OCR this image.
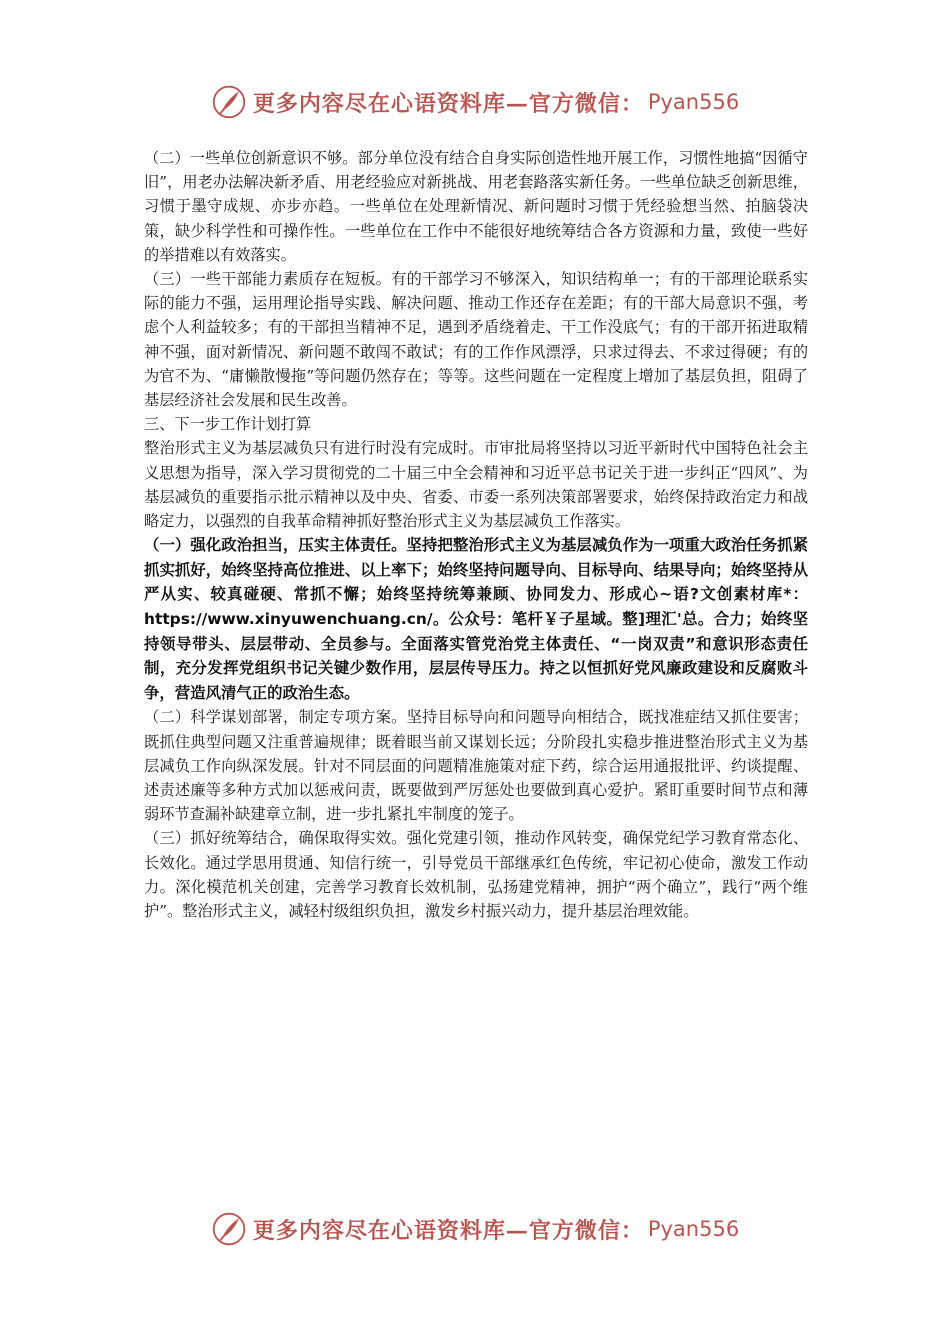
更多内容尽在心语资料库—官方微信： Pyan556

（二）一些单位创新意识不够。部分单位没有结合自身实际创造性地开展工作，习惯性地搞“因循守旧”，用老办法解决新矛盾、用老经验应对新挑战、用老套路落实新任务。一些单位缺乏创新思维，习惯于墨守成规、亦步亦趋。一些单位在处理新情况、新问题时习惯于凭经验想当然、拍脑袋决策，缺少科学性和可操作性。一些单位在工作中不能很好地统筹结合各方资源和力量，致使一些好的举措难以有效落实。

（三）一些干部能力素质存在短板。有的干部学习不够深入，知识结构单一；有的干部理论联系实际的能力不强，运用理论指导实践、解决问题、推动工作还存在差距；有的干部大局意识不强，考虑个人利益较多；有的干部担当精神不足，遇到矛盾绕着走、干工作没底气；有的干部开拓进取精神不强，面对新情况、新问题不敢闯不敢试；有的工作作风漂浮，只求过得去、不求过得硬；有的为官不为、“庸懒散慢拖”等问题仍然存在；等等。这些问题在一定程度上增加了基层负担，阻碍了基层经济社会发展和民生改善。

三、下一步工作计划打算

整治形式主义为基层减负只有进行时没有完成时。市审批局将坚持以习近平新时代中国特色社会主义思想为指导，深入学习贯彻党的二十届三中全会精神和习近平总书记关于进一步纠正“四风”、为基层减负的重要指示批示精神以及中央、省委、市委一系列决策部署要求，始终保持政治定力和战略定力，以强烈的自我革命精神抓好整治形式主义为基层减负工作落实。

（一）强化政治担当，压实主体责任。坚持把整治形式主义为基层减负作为一项重大政治任务抓紧抓实抓好，始终坚持高位推进、以上率下；始终坚持问题导向、目标导向、结果导向；始终坚持从严从实、较真碰硬、常抓不懈；始终坚持统筹兼顾、协同发力、形成心~语?文创素材库*：https://www.xinyuwenchuang.cn/。公众号：笔杆￥子星域。整]理汇'总。合力；始终坚持领导带头、层层带动、全员参与。全面落实管党治党主体责任、“一岗双责”和意识形态责任制，充分发挥党组织书记关键少数作用，层层传导压力。持之以恒抓好党风廉政建设和反腐败斗争，营造风清气正的政治生态。

（二）科学谋划部署，制定专项方案。坚持目标导向和问题导向相结合，既找准症结又抓住要害；既抓住典型问题又注重普遍规律；既着眼当前又谋划长远；分阶段扎实稳步推进整治形式主义为基层减负工作向纵深发展。针对不同层面的问题精准施策对症下药，综合运用通报批评、约谈提醒、述责述廉等多种方式加以惩戒问责，既要做到严厉惩处也要做到真心爱护。紧盯重要时间节点和薄弱环节查漏补缺建章立制，进一步扎紧扎牢制度的笼子。

（三）抓好统筹结合，确保取得实效。强化党建引领，推动作风转变，确保党纪学习教育常态化、长效化。通过学思用贯通、知信行统一，引导党员干部继承红色传统，牢记初心使命，激发工作动力。深化模范机关创建，完善学习教育长效机制，弘扬建党精神，拥护“两个确立”，践行“两个维护”。整治形式主义，减轻村级组织负担，激发乡村振兴动力，提升基层治理效能。

更多内容尽在心语资料库—官方微信： Pyan556
